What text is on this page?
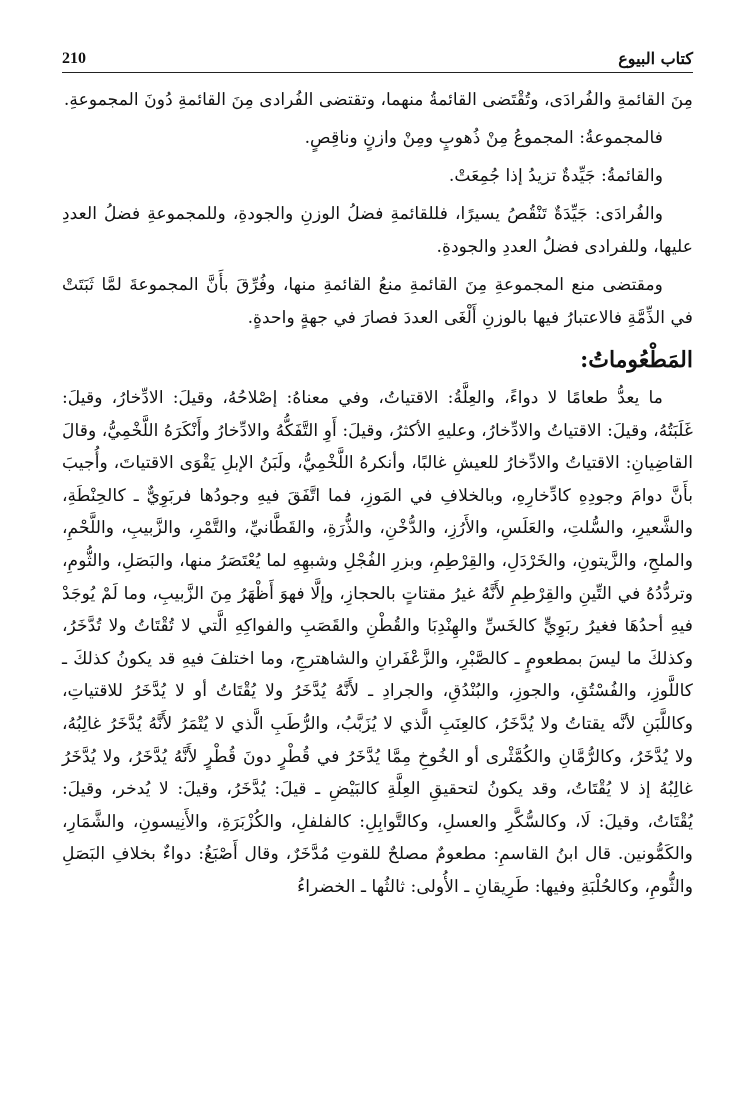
كتاب البيوع
210

مِنَ القائمةِ والفُرادَى، وتُقْتَضى القائمةُ منهما، وتقتضى الفُرادى مِنَ القائمةِ دُونَ المجموعةِ.

فالمجموعةُ: المجموعُ مِنْ ذُهوبٍ ومِنْ وازنٍ وناقِصٍ.

والقائمةُ: جَيِّدةٌ تزيدُ إذا جُمِعَتْ.

والفُرادَى: جَيِّدَةٌ تَنْقُصُ يسيرًا، فللقائمةِ فضلُ الوزنِ والجودةِ، وللمجموعةِ فضلُ العددِ عليها، وللفرادى فضلُ العددِ والجودةِ.

ومقتضى منع المجموعةِ مِنَ القائمةِ منعُ القائمةِ منها، وفُرِّقَ بأَنَّ المجموعةَ لمَّا ثَبَتَتْ في الذِّمَّةِ فالاعتبارُ فيها بالوزنِ أَلْغَى العددَ فصارَ في جهةٍ واحدةٍ.

المَطْعُوماتُ:

ما يعدُّ طعامًا لا دواءً، والعِلَّةُ: الاقتياتُ، وفي معناهُ: إصْلاحُهُ، وقيلَ: الادِّخارُ، وقيلَ: غَلَبَتُهُ، وقيلَ: الاقتياتُ والادِّخارُ، وعليهِ الأكثرُ، وقيلَ: أَوِ التَّفَكُّهُ والادِّخارُ وأَنْكَرَهُ اللَّخْمِيُّ، وقالَ القاضِيانِ: الاقتياتُ والادِّخارُ للعيشِ غالبًا، وأنكرهُ اللَّخْمِيُّ، ولَبَنُ الإبلِ يَقْوَى الاقتياتَ، وأُجيبَ بأَنَّ دوامَ وجودِهِ كادِّخارِهِ، وبالخلافِ في المَوزِ، فما اتَّفَقَ فيهِ وجودُها فربَوِيٌّ ـ كالحِنْطَةِ، والشَّعيرِ، والسُّلتِ، والعَلَسِ، والأَرُزِ، والدُّخْنِ، والذُّرَةِ، والقَطَّانيِّ، والتَّمْرِ، والزَّبيبِ، واللَّحْمِ، والملحِ، والزَّيتونِ، والخَرْدَلِ، والقِرْطِمِ، وبزرِ الفُجْلِ وشبهِهِ لما يُعْتَصَرُ منها، والبَصَلِ، والثُّومِ، وتردُّدُهُ في التِّينِ والقِرْطِمِ لأَنَّهُ غيرُ مقتاتٍ بالحجازِ، وإلَّا فهوَ أَظْهَرُ مِنَ الزَّبيبِ، وما لَمْ يُوجَدْ فيهِ أحدُهَا فغيرُ ربَوِيٍّ كالخَسِّ والهِنْدِبَا والقُطْنِ والقَصَبِ والفواكِهِ الَّتي لا تُقْتَاتُ ولا تُدَّخَرُ، وكذلكَ ما ليسَ بمطعومٍ ـ كالصَّبْرِ، والزَّعْفَرانِ والشاهترجِ، وما اختلفَ فيهِ قد يكونُ كذلكَ ـ كاللَّوزِ، والفُسْتُقِ، والجوزِ، والبُنْدُقِ، والجرادِ ـ لأَنَّهُ يُدَّخَرُ ولا يُقْتَاتُ أو لا يُدَّخَرُ للاقتياتِ، وكاللَّبَنِ لأنَّه يقتاتُ ولا يُدَّخَرُ، كالعِنَبِ الَّذي لا يُزَبَّبُ، والرُّطَبِ الَّذي لا يُتْمَرُ لأَنَّهُ يُدَّخَرُ غالِبُهُ، ولا يُدَّخَرُ، وكالرُّمَّانِ والكُمَّثْرى أو الخُوخِ مِمَّا يُدَّخَرُ في قُطْرٍ دونَ قُطْرٍ لأَنَّهُ يُدَّخَرُ، ولا يُدَّخَرُ غالِبُهُ إذ لا يُقْتَاتُ، وقد يكونُ لتحقيقِ العِلَّةِ كالبَيْضِ ـ قيلَ: يُدَّخَرُ، وقيلَ: لا يُدخر، وقيلَ: يُقْتَاتُ، وقيلَ: لَا، وكالسُّكَّرِ والعسلِ، وكالتَّوابِلِ: كالفلفلِ، والكُزْبَرَةِ، والأَنِيسونِ، والشَّمَارِ، والكَمُّونين. قال ابنُ القاسمِ: مطعومٌ مصلحٌ للقوتِ مُدَّخَرٌ، وقال أَصْبَغُ: دواءٌ بخلافِ البَصَلِ والثُّومِ، وكالحُلْبَةِ وفيها: طَرِيقانِ ـ الأُولى: ثالثُها ـ الخضراءُ
